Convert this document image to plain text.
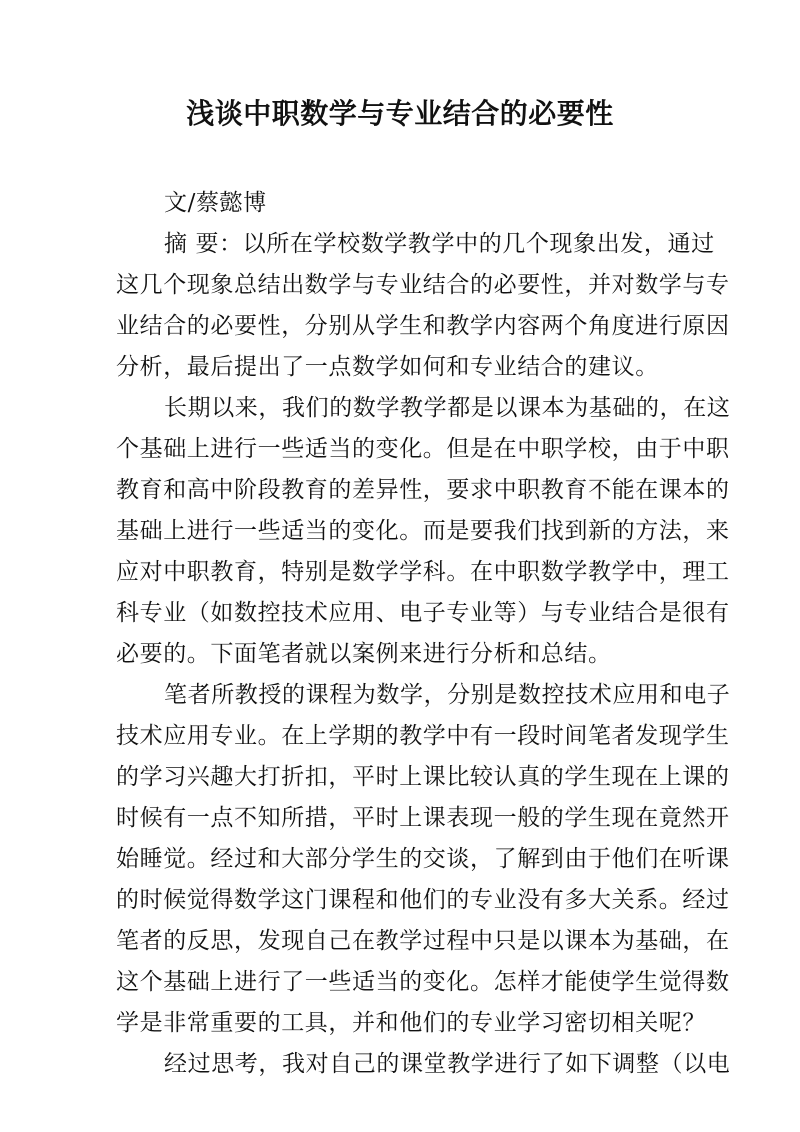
浅谈中职数学与专业结合的必要性
文/蔡懿博
摘 要：以所在学校数学教学中的几个现象出发，通过
这几个现象总结出数学与专业结合的必要性，并对数学与专
业结合的必要性，分别从学生和教学内容两个角度进行原因
分析，最后提出了一点数学如何和专业结合的建议。
长期以来，我们的数学教学都是以课本为基础的，在这
个基础上进行一些适当的变化。但是在中职学校，由于中职
教育和高中阶段教育的差异性，要求中职教育不能在课本的
基础上进行一些适当的变化。而是要我们找到新的方法，来
应对中职教育，特别是数学学科。在中职数学教学中，理工
科专业（如数控技术应用、电子专业等）与专业结合是很有
必要的。下面笔者就以案例来进行分析和总结。
笔者所教授的课程为数学，分别是数控技术应用和电子
技术应用专业。在上学期的教学中有一段时间笔者发现学生
的学习兴趣大打折扣，平时上课比较认真的学生现在上课的
时候有一点不知所措，平时上课表现一般的学生现在竟然开
始睡觉。经过和大部分学生的交谈，了解到由于他们在听课
的时候觉得数学这门课程和他们的专业没有多大关系。经过
笔者的反思，发现自己在教学过程中只是以课本为基础，在
这个基础上进行了一些适当的变化。怎样才能使学生觉得数
学是非常重要的工具，并和他们的专业学习密切相关呢？
经过思考，我对自己的课堂教学进行了如下调整（以电
